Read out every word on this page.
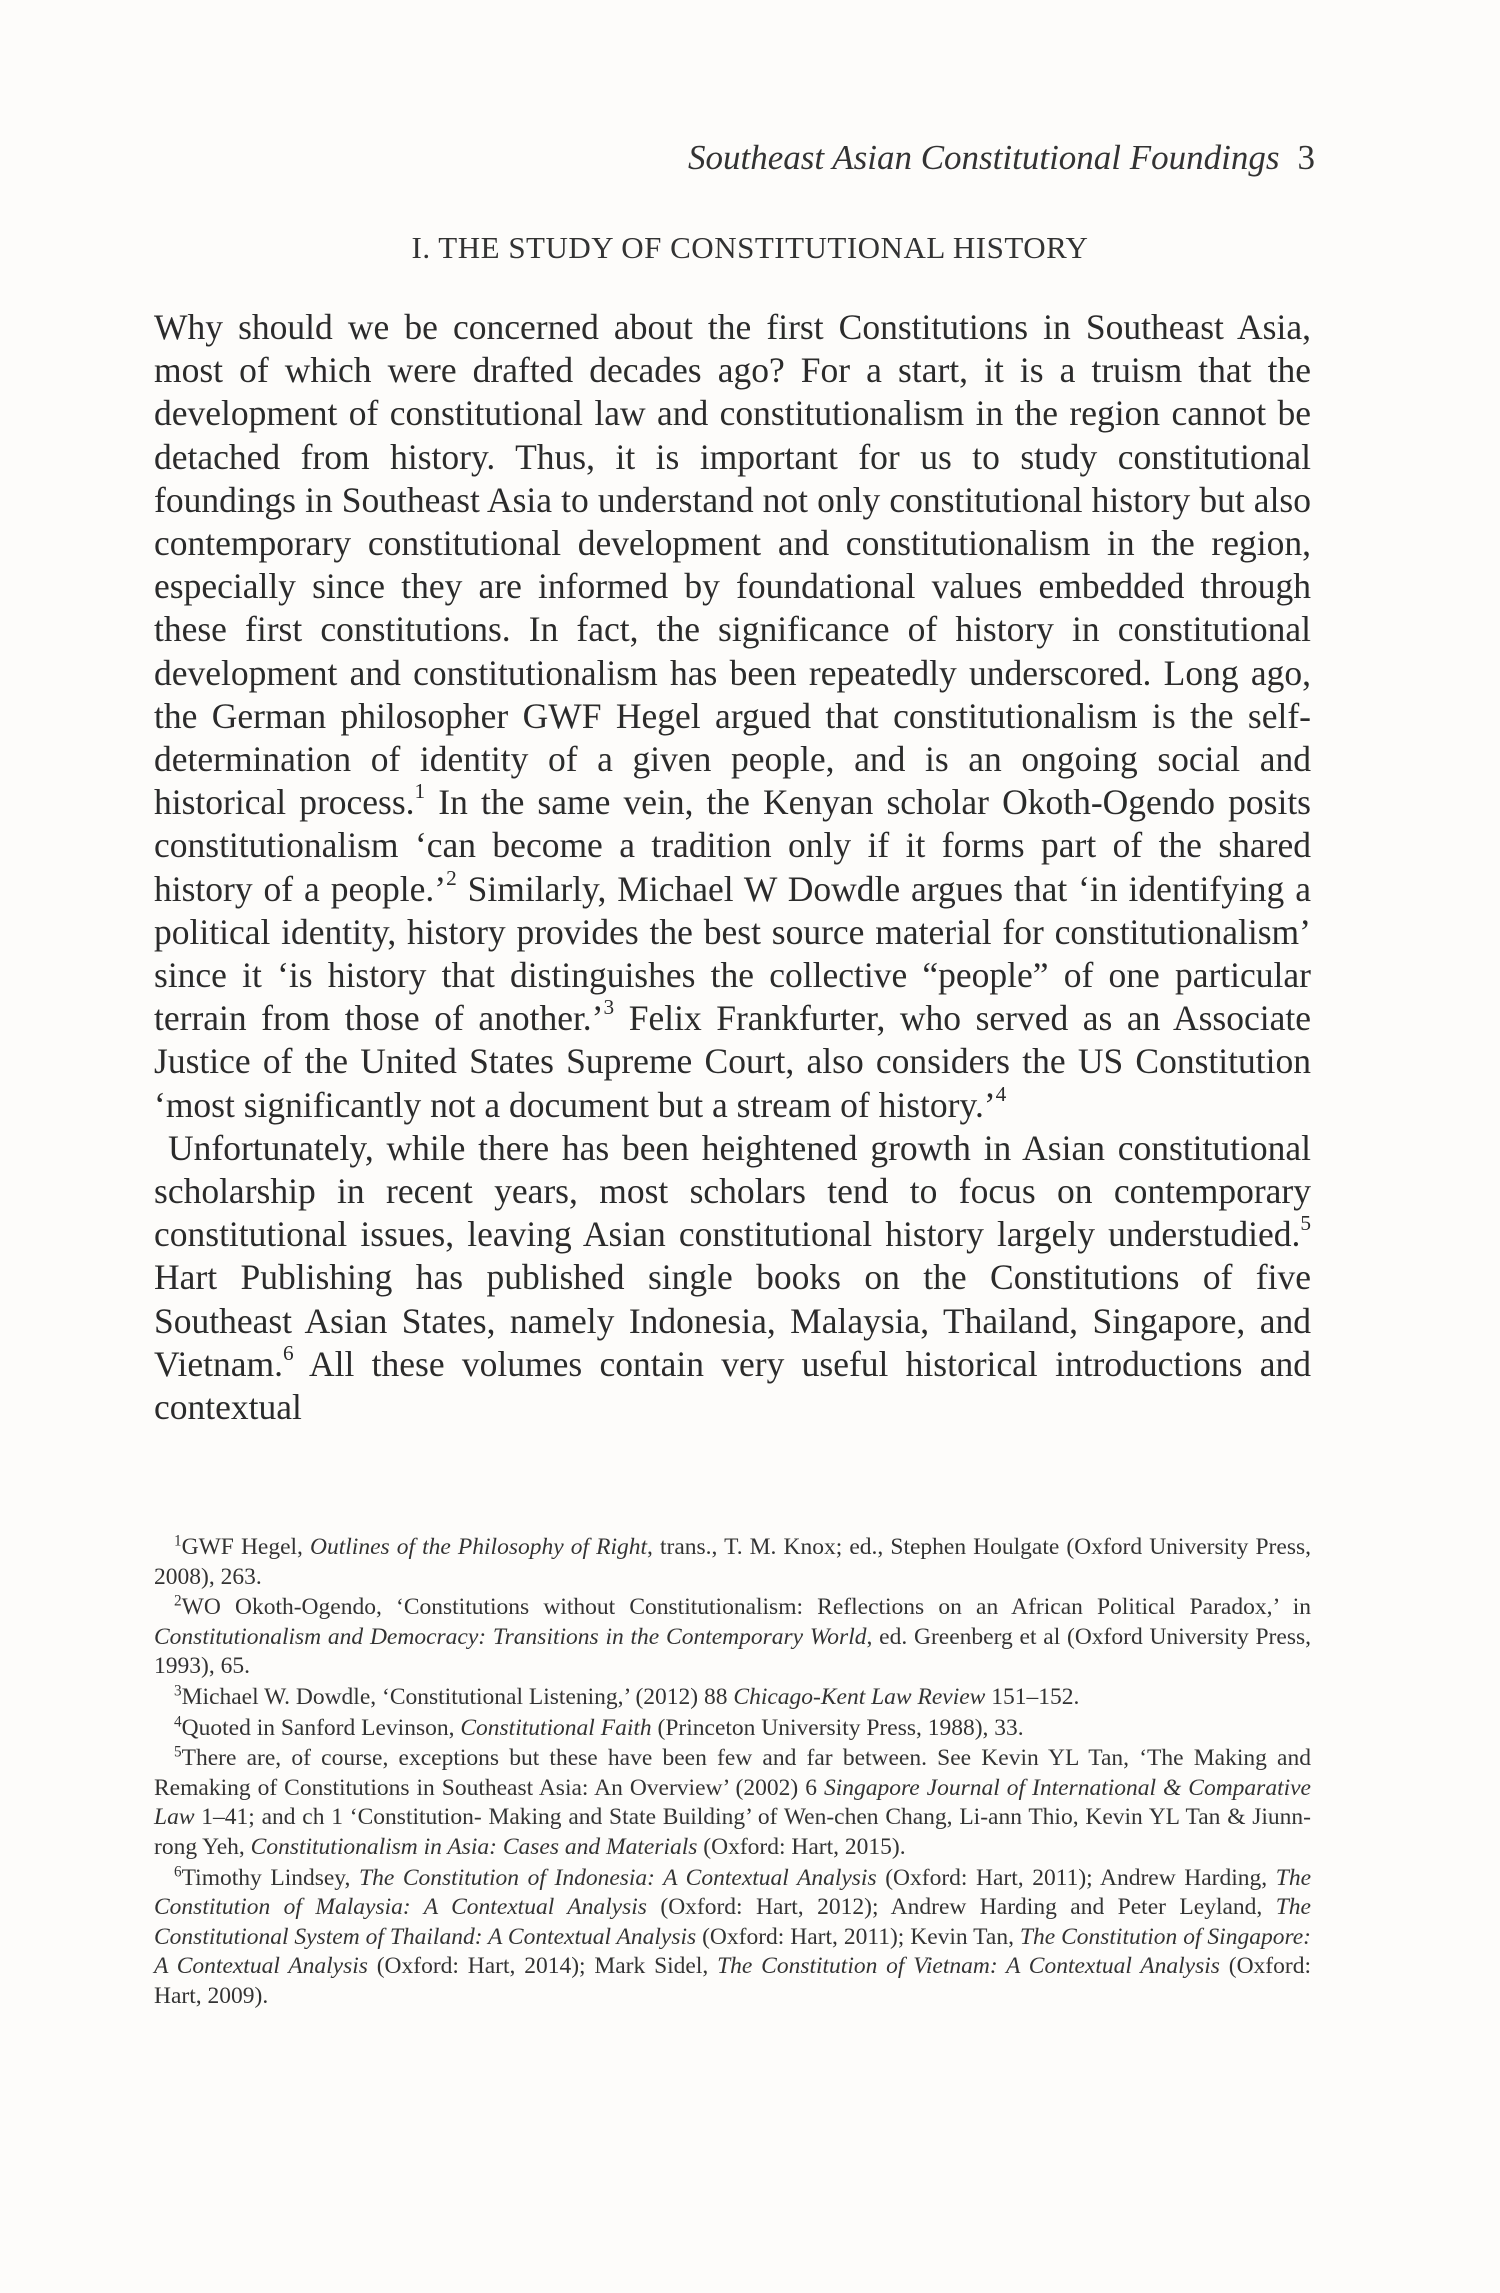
Southeast Asian Constitutional Foundings 3
I. THE STUDY OF CONSTITUTIONAL HISTORY

Why should we be concerned about the first Constitutions in Southeast Asia, most of which were drafted decades ago? For a start, it is a truism that the development of constitutional law and constitutionalism in the region cannot be detached from history. Thus, it is important for us to study constitutional foundings in Southeast Asia to understand not only constitutional history but also contemporary constitutional development and constitutionalism in the region, especially since they are informed by foundational values embedded through these first constitutions. In fact, the significance of history in constitutional development and constitutionalism has been repeatedly underscored. Long ago, the German philosopher GWF Hegel argued that constitutionalism is the self-determination of identity of a given people, and is an ongoing social and historical process.$^1$ In the same vein, the Kenyan scholar Okoth-Ogendo posits constitutionalism ‘can become a tradition only if it forms part of the shared history of a people.’$^2$ Similarly, Michael W Dowdle argues that ‘in identifying a political identity, history provides the best source material for constitutionalism’ since it ‘is history that distinguishes the collective “people” of one particular terrain from those of another.’$^3$ Felix Frankfurter, who served as an Associate Justice of the United States Supreme Court, also considers the US Constitution ‘most significantly not a document but a stream of history.’$^4$

Unfortunately, while there has been heightened growth in Asian constitutional scholarship in recent years, most scholars tend to focus on contemporary constitutional issues, leaving Asian constitutional history largely understudied.$^5$ Hart Publishing has published single books on the Constitutions of five Southeast Asian States, namely Indonesia, Malaysia, Thailand, Singapore, and Vietnam.$^6$ All these volumes contain very useful historical introductions and contextual

$^1$GWF Hegel, Outlines of the Philosophy of Right, trans., T. M. Knox; ed., Stephen Houlgate (Oxford University Press, 2008), 263.

$^2$WO Okoth-Ogendo, ‘Constitutions without Constitutionalism: Reflections on an African Political Paradox,’ in Constitutionalism and Democracy: Transitions in the Contemporary World, ed. Greenberg et al (Oxford University Press, 1993), 65.

$^3$Michael W. Dowdle, ‘Constitutional Listening,’ (2012) 88 Chicago-Kent Law Review 151–152.

$^4$Quoted in Sanford Levinson, Constitutional Faith (Princeton University Press, 1988), 33.

$^5$There are, of course, exceptions but these have been few and far between. See Kevin YL Tan, ‘The Making and Remaking of Constitutions in Southeast Asia: An Overview’ (2002) 6 Singapore Journal of International & Comparative Law 1–41; and ch 1 ‘Constitution- Making and State Building’ of Wen-chen Chang, Li-ann Thio, Kevin YL Tan & Jiunn-rong Yeh, Constitutionalism in Asia: Cases and Materials (Oxford: Hart, 2015).

$^6$Timothy Lindsey, The Constitution of Indonesia: A Contextual Analysis (Oxford: Hart, 2011); Andrew Harding, The Constitution of Malaysia: A Contextual Analysis (Oxford: Hart, 2012); Andrew Harding and Peter Leyland, The Constitutional System of Thailand: A Contextual Analysis (Oxford: Hart, 2011); Kevin Tan, The Constitution of Singapore: A Contextual Analysis (Oxford: Hart, 2014); Mark Sidel, The Constitution of Vietnam: A Contextual Analysis (Oxford: Hart, 2009).
